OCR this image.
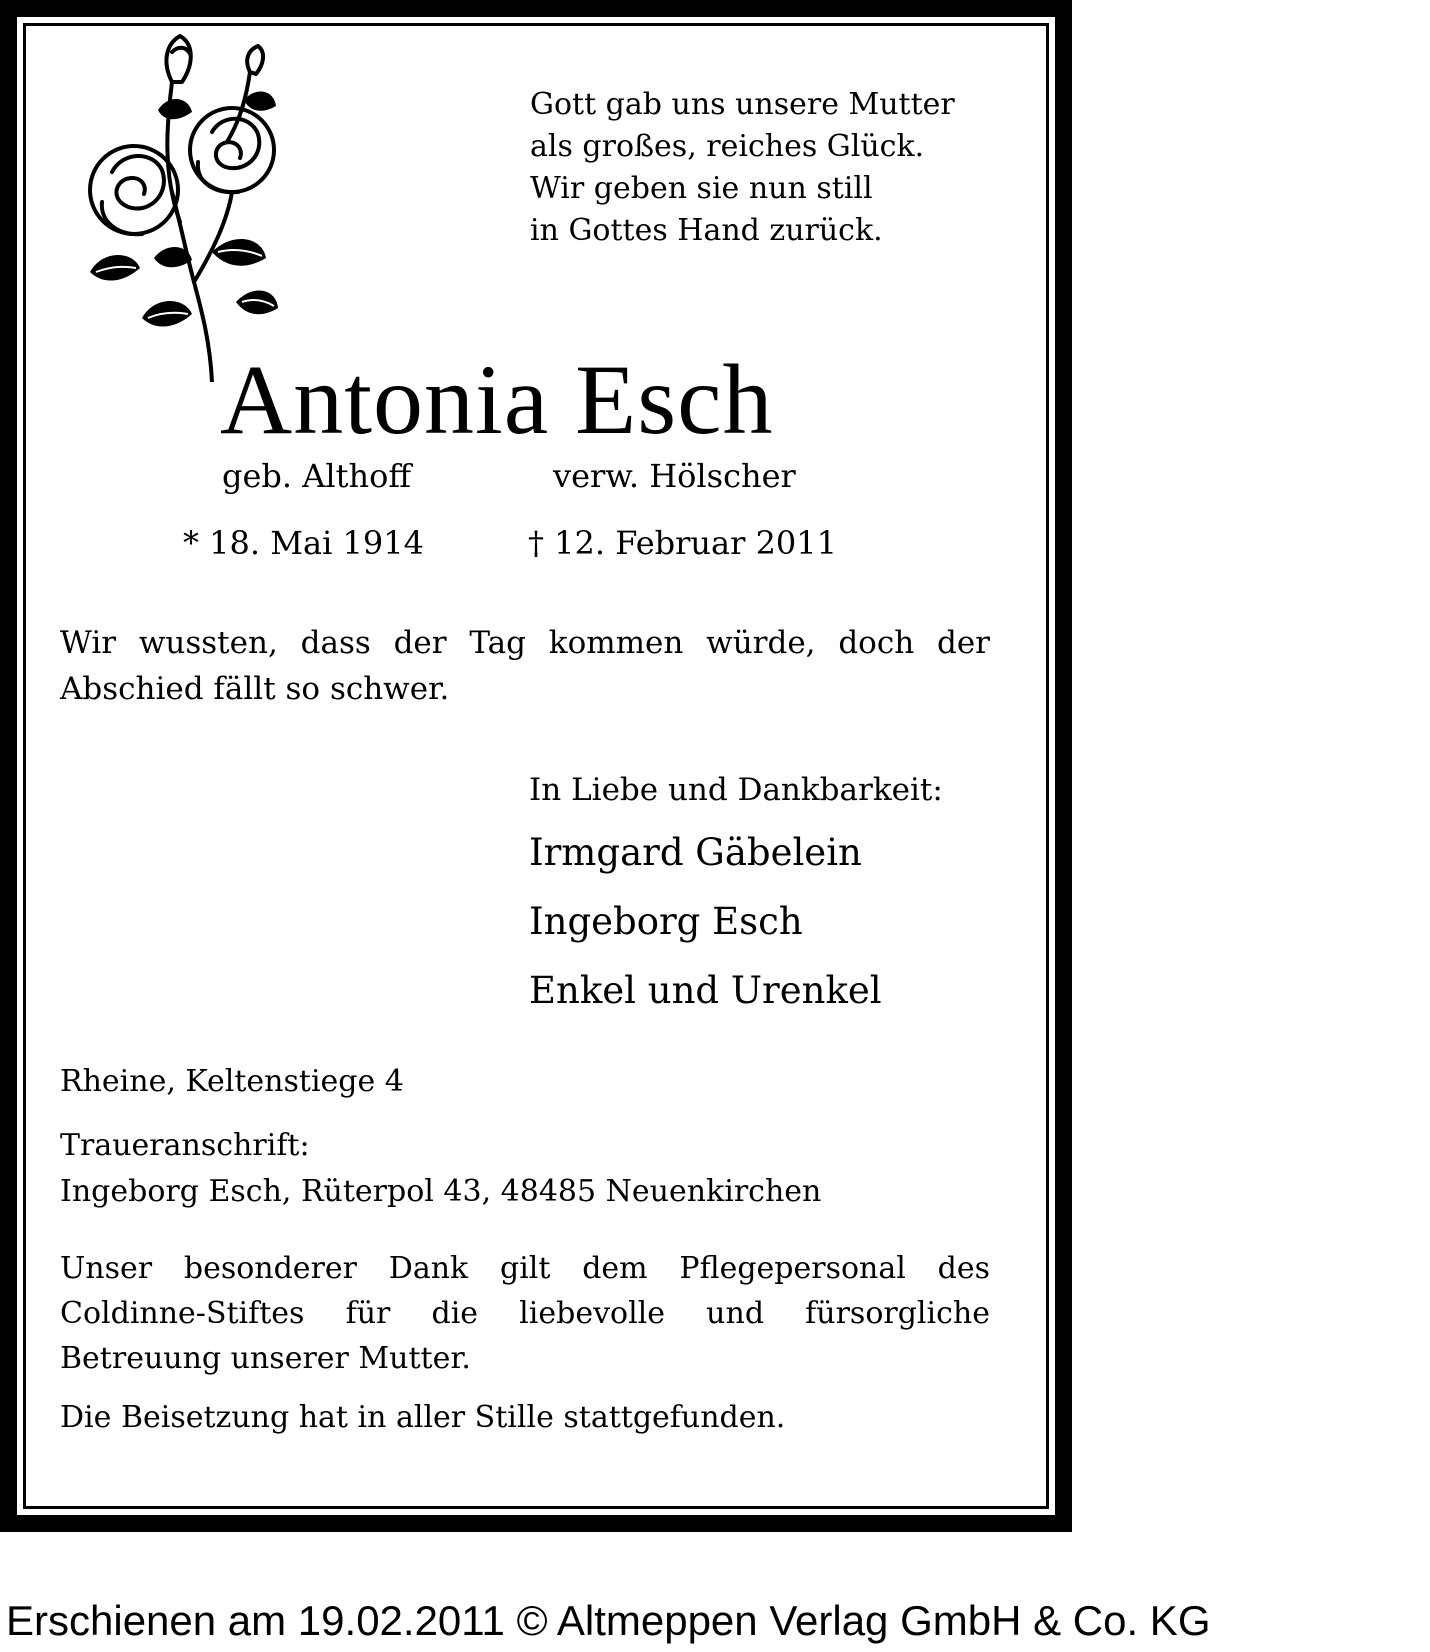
Gott gab uns unsere Mutter
als großes, reiches Glück.
Wir geben sie nun still
in Gottes Hand zurück.
Antonia Esch
geb. Althoff	verw. Hölscher
* 18. Mai 1914	† 12. Februar 2011
Wir wussten, dass der Tag kommen würde, doch der Abschied fällt so schwer.
In Liebe und Dankbarkeit:
Irmgard Gäbelein
Ingeborg Esch
Enkel und Urenkel
Rheine, Keltenstiege 4
Traueranschrift:
Ingeborg Esch, Rüterpol 43, 48485 Neuenkirchen
Unser besonderer Dank gilt dem Pflegepersonal des Coldinne-Stiftes für die liebevolle und fürsorgliche Betreuung unserer Mutter.
Die Beisetzung hat in aller Stille stattgefunden.
Erschienen am 19.02.2011 © Altmeppen Verlag GmbH & Co. KG
